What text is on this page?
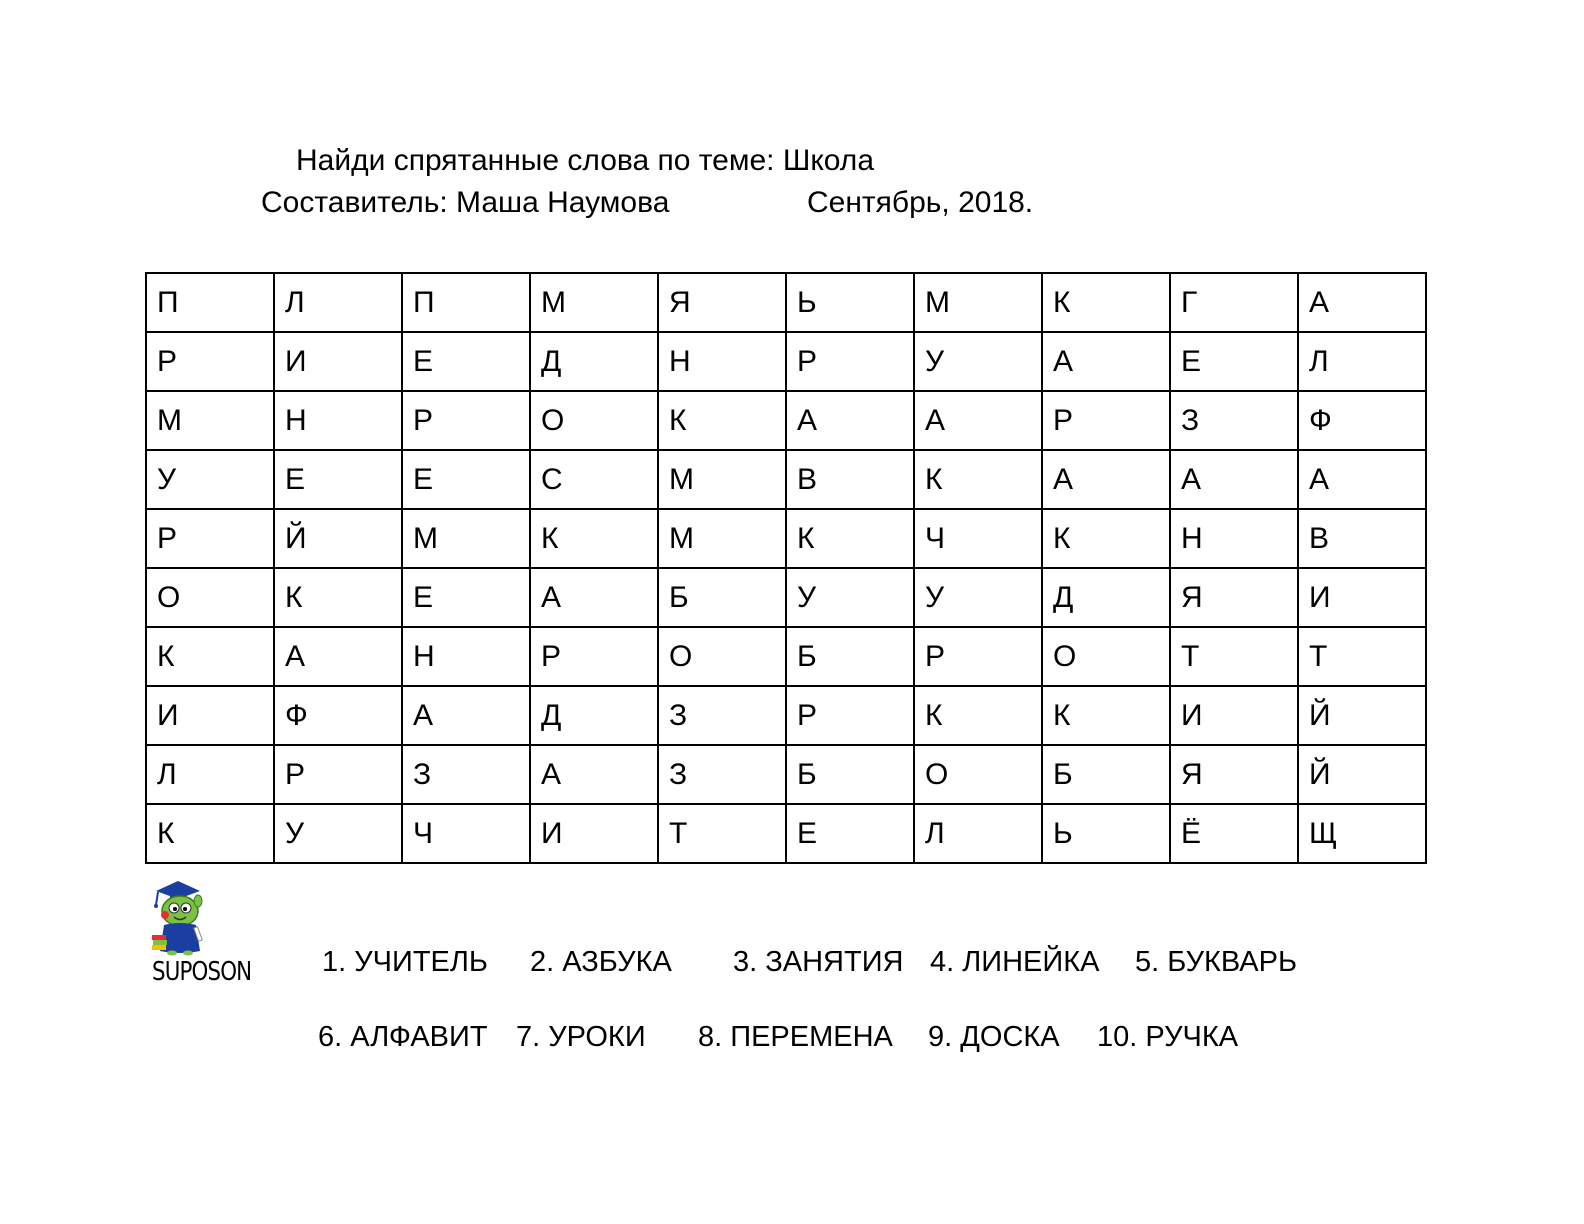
Найди спрятанные слова по теме: Школа
Составитель: Маша Наумова	Сентябрь, 2018.
П	Л	П	М	Я	Ь	М	К	Г	А
Р	И	Е	Д	Н	Р	У	А	Е	Л
М	Н	Р	О	К	А	А	Р	З	Ф
У	Е	Е	С	М	В	К	А	А	А
Р	Й	М	К	М	К	Ч	К	Н	В
О	К	Е	А	Б	У	У	Д	Я	И
К	А	Н	Р	О	Б	Р	О	Т	Т
И	Ф	А	Д	З	Р	К	К	И	Й
Л	Р	З	А	З	Б	О	Б	Я	Й
К	У	Ч	И	Т	Е	Л	Ь	Ё	Щ
SUPOSON 1. УЧИТЕЛЬ 2. АЗБУКА 3. ЗАНЯТИЯ 4. ЛИНЕЙКА 5. БУКВАРЬ
6. АЛФАВИТ 7. УРОКИ 8. ПЕРЕМЕНА 9. ДОСКА 10. РУЧКА
